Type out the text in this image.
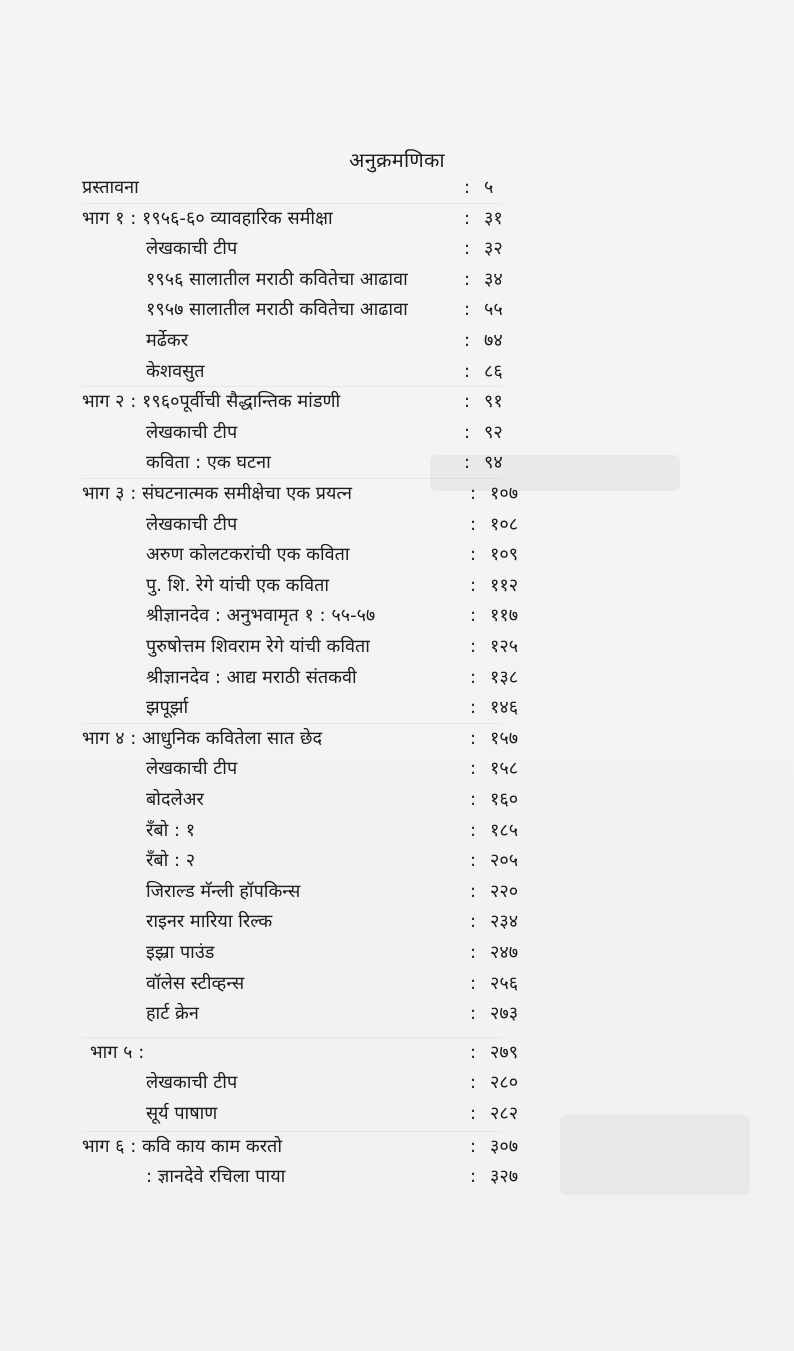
अनुक्रमणिका
प्रस्तावना	: ५
भाग १ : १९५६-६० व्यावहारिक समीक्षा	: ३१
लेखकाची टीप	: ३२
१९५६ सालातील मराठी कवितेचा आढावा	: ३४
१९५७ सालातील मराठी कवितेचा आढावा	: ५५
मर्ढेकर	: ७४
केशवसुत	: ८६
भाग २ : १९६०पूर्वीची सैद्धान्तिक मांडणी	: ९१
लेखकाची टीप	: ९२
कविता : एक घटना	: ९४
भाग ३ : संघटनात्मक समीक्षेचा एक प्रयत्न	: १०७
लेखकाची टीप	: १०८
अरुण कोलटकरांची एक कविता	: १०९
पु. शि. रेगे यांची एक कविता	: ११२
श्रीज्ञानदेव : अनुभवामृत १ : ५५-५७	: ११७
पुरुषोत्तम शिवराम रेगे यांची कविता	: १२५
श्रीज्ञानदेव : आद्य मराठी संतकवी	: १३८
झपूर्झा	: १४६
भाग ४ : आधुनिक कवितेला सात छेद	: १५७
लेखकाची टीप	: १५८
बोदलेअर	: १६०
रँबो : १	: १८५
रँबो : २	: २०५
जिराल्ड मॅन्ली हॉपकिन्स	: २२०
राइनर मारिया रिल्क	: २३४
इझ्रा पाउंड	: २४७
वॉलेस स्टीव्हन्स	: २५६
हार्ट क्रेन	: २७३
भाग ५ :	: २७९
लेखकाची टीप	: २८०
सूर्य पाषाण	: २८२
भाग ६ : कवि काय काम करतो	: ३०७
: ज्ञानदेवे रचिला पाया	: ३२७
